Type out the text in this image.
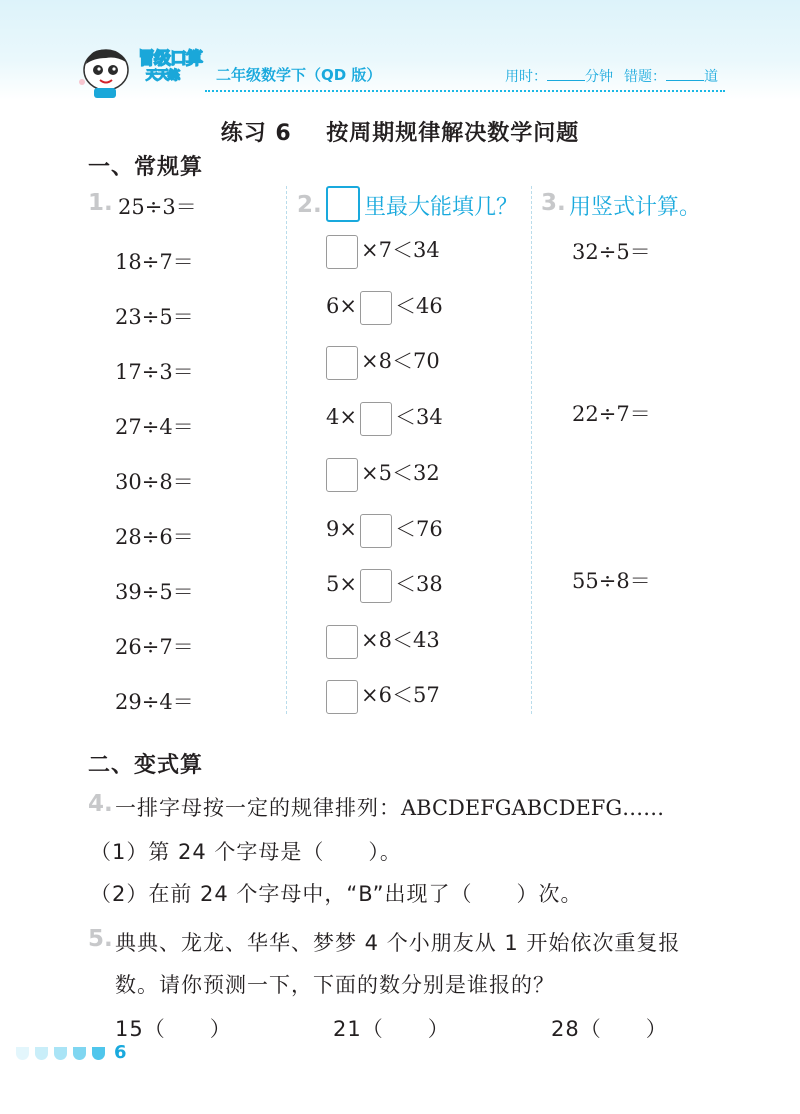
冒级口算
天天练 二年级数学下（QD 版）	用时：	分钟 错题：	道
练习 6    按周期规律解决数学问题
一、常规算
1. 25÷3＝
18÷7＝
23÷5＝
17÷3＝
27÷4＝
30÷8＝
28÷6＝
39÷5＝
26÷7＝
29÷4＝
2. 里最大能填几？
×7＜34
6× ＜46
×8＜70
4× ＜34
×5＜32
9× ＜76
5× ＜38
×8＜43
×6＜57
3. 用竖式计算。
32÷5＝
22÷7＝
55÷8＝
二、变式算
4. 一排字母按一定的规律排列：ABCDEFGABCDEFG……
（1）第 24 个字母是（　　）。
（2）在前 24 个字母中，“B”出现了（　　）次。
5. 典典、龙龙、华华、梦梦 4 个小朋友从 1 开始依次重复报
数。请你预测一下，下面的数分别是谁报的？
15（　　）	21（　　）	28（　　）
6
